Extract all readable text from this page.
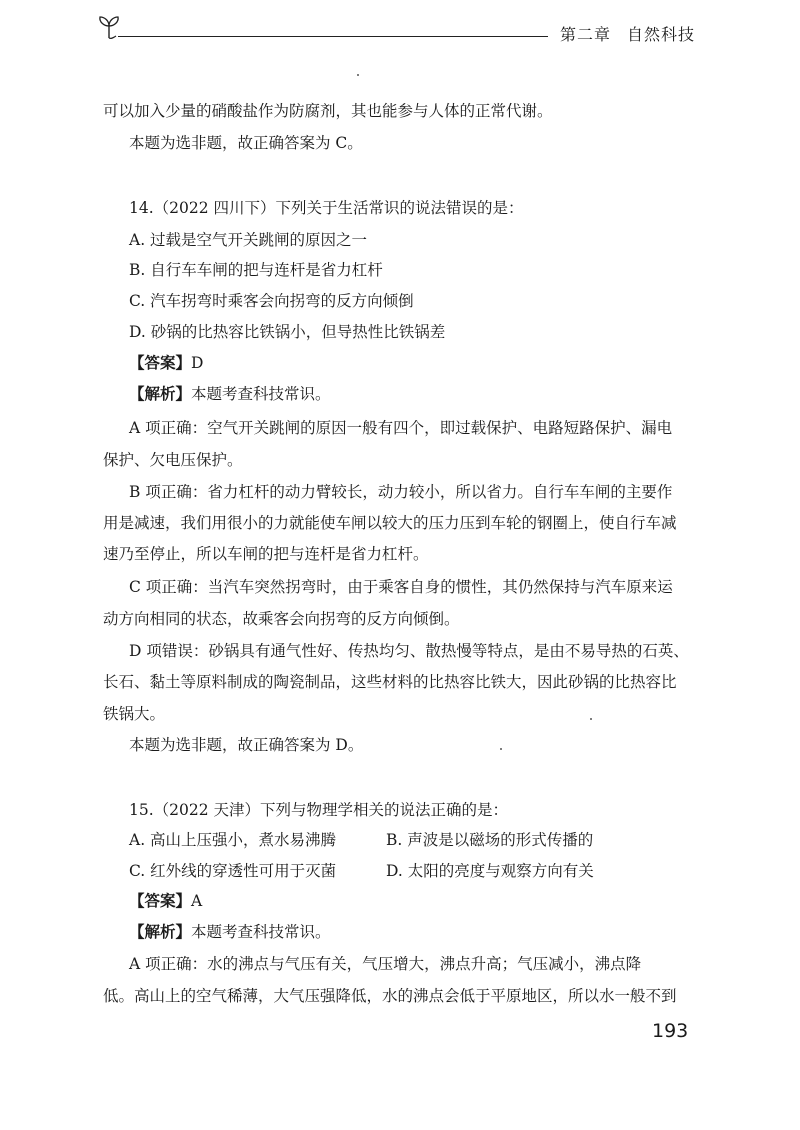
第二章 自然科技
可以加入少量的硝酸盐作为防腐剂，其也能参与人体的正常代谢。
本题为选非题，故正确答案为 C。
14.（2022 四川下）下列关于生活常识的说法错误的是：
A. 过载是空气开关跳闸的原因之一
B. 自行车车闸的把与连杆是省力杠杆
C. 汽车拐弯时乘客会向拐弯的反方向倾倒
D. 砂锅的比热容比铁锅小，但导热性比铁锅差
【答案】D
【解析】本题考查科技常识。
A 项正确：空气开关跳闸的原因一般有四个，即过载保护、电路短路保护、漏电
保护、欠电压保护。
B 项正确：省力杠杆的动力臂较长，动力较小，所以省力。自行车车闸的主要作
用是减速，我们用很小的力就能使车闸以较大的压力压到车轮的钢圈上，使自行车减
速乃至停止，所以车闸的把与连杆是省力杠杆。
C 项正确：当汽车突然拐弯时，由于乘客自身的惯性，其仍然保持与汽车原来运
动方向相同的状态，故乘客会向拐弯的反方向倾倒。
D 项错误：砂锅具有通气性好、传热均匀、散热慢等特点，是由不易导热的石英、
长石、黏土等原料制成的陶瓷制品，这些材料的比热容比铁大，因此砂锅的比热容比
铁锅大。
本题为选非题，故正确答案为 D。
15.（2022 天津）下列与物理学相关的说法正确的是：
A. 高山上压强小，煮水易沸腾	B. 声波是以磁场的形式传播的
C. 红外线的穿透性可用于灭菌	D. 太阳的亮度与观察方向有关
【答案】A
【解析】本题考查科技常识。
A 项正确：水的沸点与气压有关，气压增大，沸点升高；气压减小，沸点降
低。高山上的空气稀薄，大气压强降低，水的沸点会低于平原地区，所以水一般不到
193
